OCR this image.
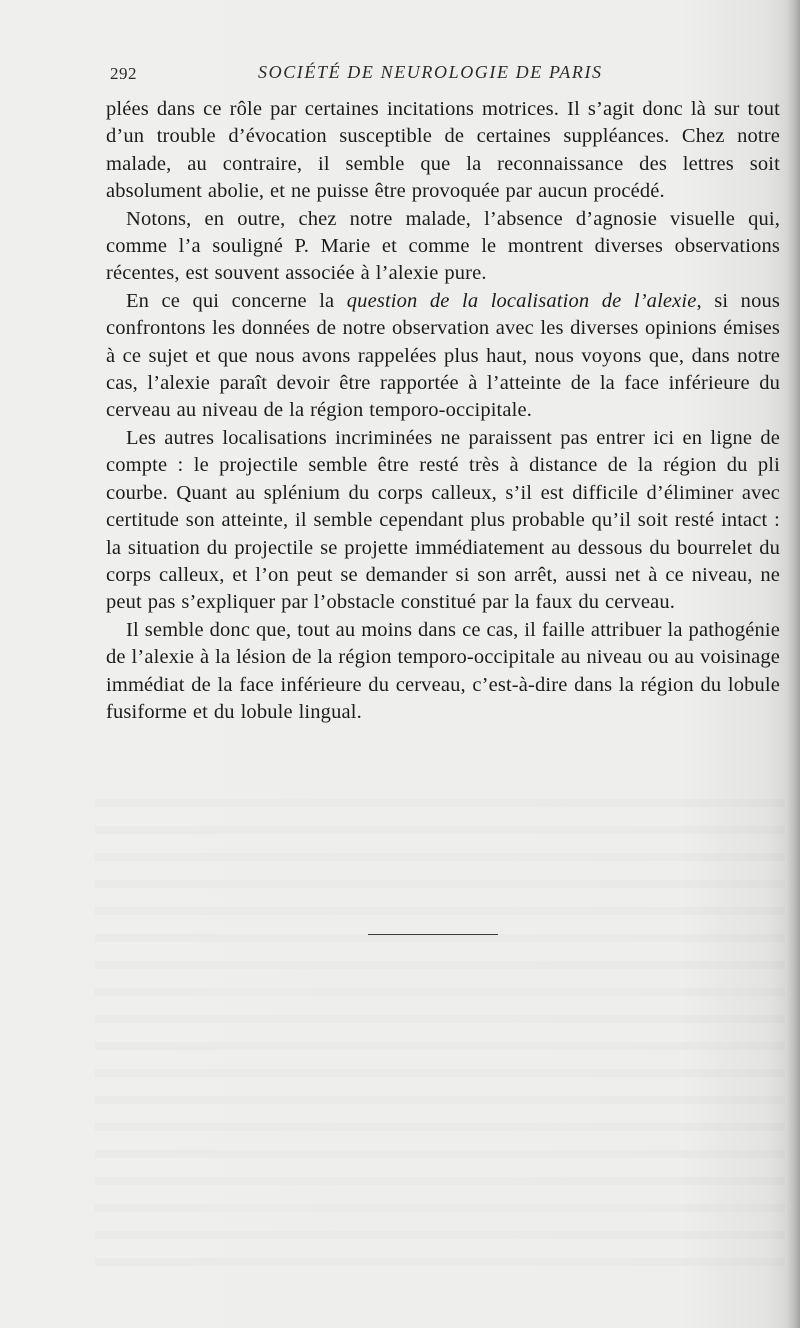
292	SOCIÉTÉ DE NEUROLOGIE DE PARIS

plées dans ce rôle par certaines incitations motrices. Il s’agit donc là sur tout d’un trouble d’évocation susceptible de certaines suppléances. Chez notre malade, au contraire, il semble que la reconnaissance des lettres soit absolument abolie, et ne puisse être provoquée par aucun procédé.

Notons, en outre, chez notre malade, l’absence d’agnosie visuelle qui, comme l’a souligné P. Marie et comme le montrent diverses observations récentes, est souvent associée à l’alexie pure.

En ce qui concerne la question de la localisation de l’alexie, si nous confrontons les données de notre observation avec les diverses opinions émises à ce sujet et que nous avons rappelées plus haut, nous voyons que, dans notre cas, l’alexie paraît devoir être rapportée à l’atteinte de la face inférieure du cerveau au niveau de la région temporo-occipitale.

Les autres localisations incriminées ne paraissent pas entrer ici en ligne de compte : le projectile semble être resté très à distance de la région du pli courbe. Quant au splénium du corps calleux, s’il est difficile d’éliminer avec certitude son atteinte, il semble cependant plus probable qu’il soit resté intact : la situation du projectile se projette immédiatement au dessous du bourrelet du corps calleux, et l’on peut se demander si son arrêt, aussi net à ce niveau, ne peut pas s’expliquer par l’obstacle constitué par la faux du cerveau.

Il semble donc que, tout au moins dans ce cas, il faille attribuer la pathogénie de l’alexie à la lésion de la région temporo-occipitale au niveau ou au voisinage immédiat de la face inférieure du cerveau, c’est-à-dire dans la région du lobule fusiforme et du lobule lingual.
